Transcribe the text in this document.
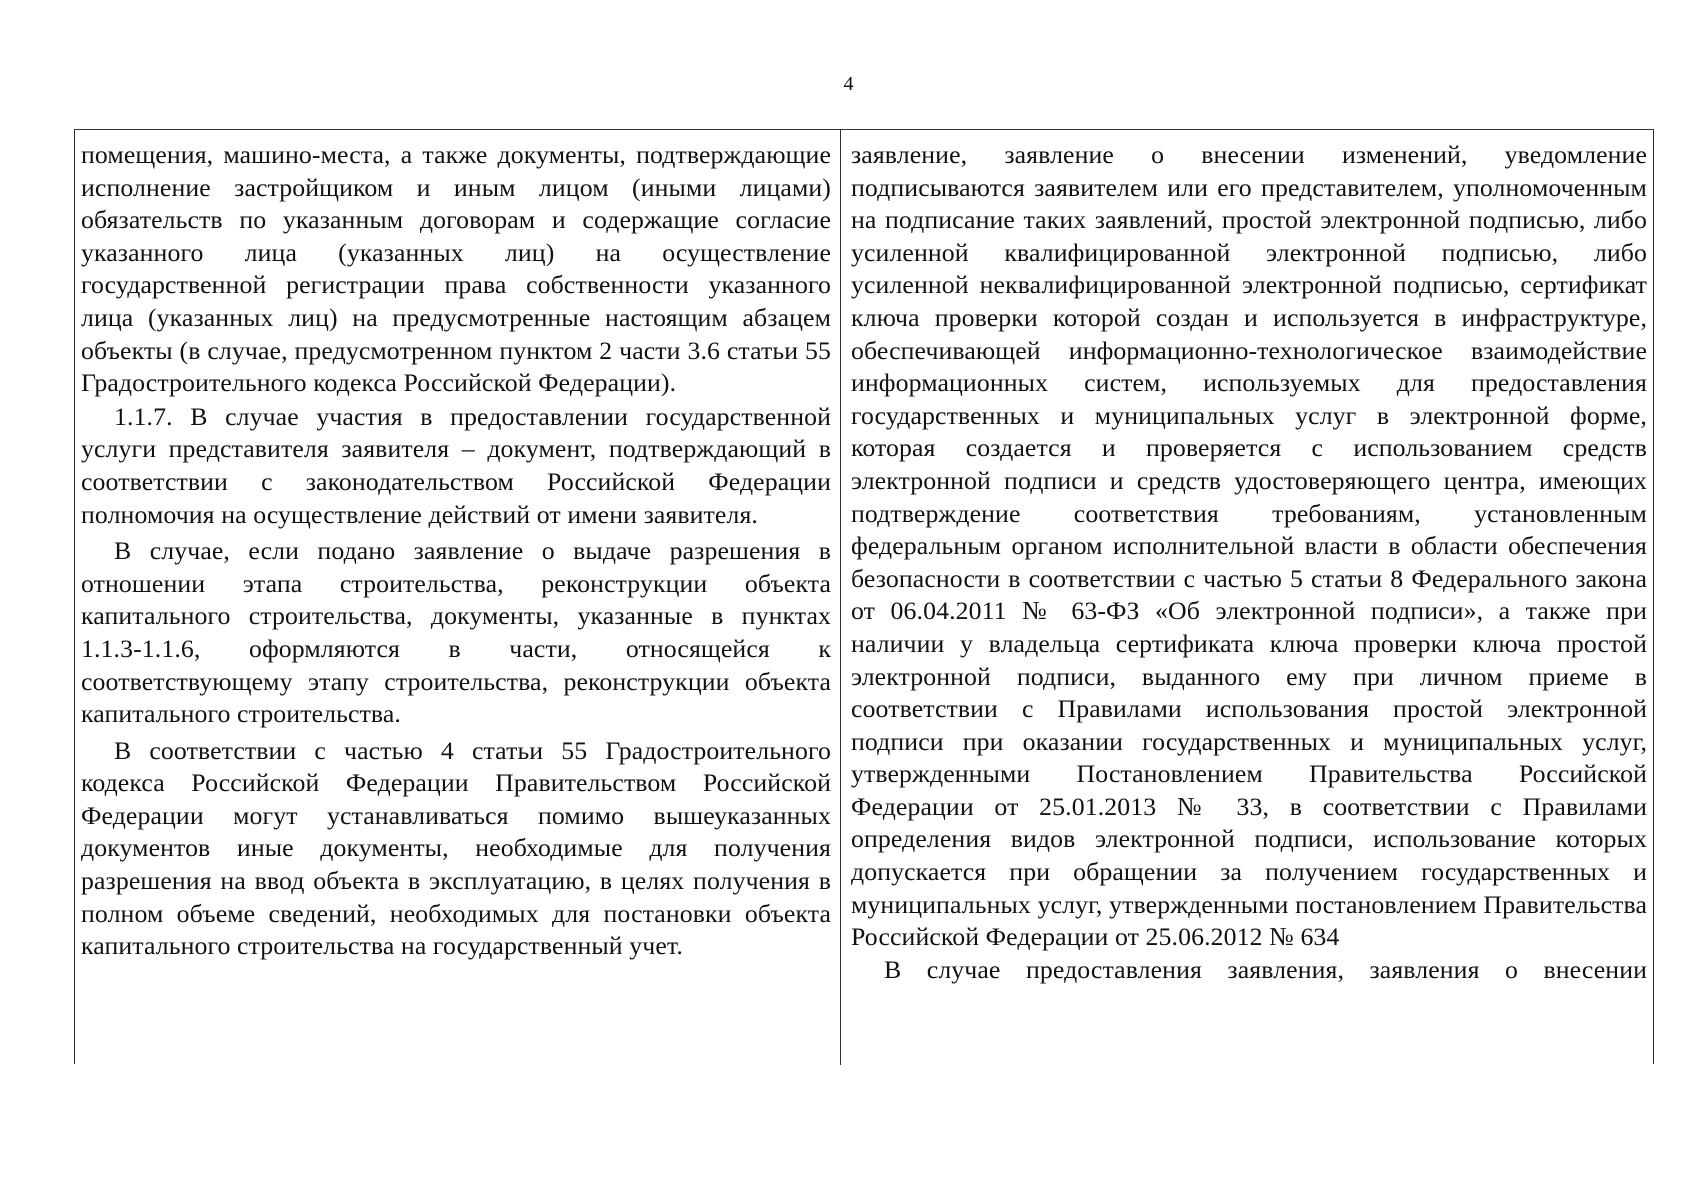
4

помещения, машино-места, а также документы, подтверждающие исполнение застройщиком и иным лицом (иными лицами) обязательств по указанным договорам и содержащие согласие указанного лица (указанных лиц) на осуществление государственной регистрации права собственности указанного лица (указанных лиц) на предусмотренные настоящим абзацем объекты (в случае, предусмотренном пунктом 2 части 3.6 статьи 55 Градостроительного кодекса Российской Федерации).

1.1.7. В случае участия в предоставлении государственной услуги представителя заявителя – документ, подтверждающий в соответствии с законодательством Российской Федерации полномочия на осуществление действий от имени заявителя.

В случае, если подано заявление о выдаче разрешения в отношении этапа строительства, реконструкции объекта капитального строительства, документы, указанные в пунктах 1.1.3-1.1.6, оформляются в части, относящейся к соответствующему этапу строительства, реконструкции объекта капитального строительства.

В соответствии с частью 4 статьи 55 Градостроительного кодекса Российской Федерации Правительством Российской Федерации могут устанавливаться помимо вышеуказанных документов иные документы, необходимые для получения разрешения на ввод объекта в эксплуатацию, в целях получения в полном объеме сведений, необходимых для постановки объекта капитального строительства на государственный учет.

заявление, заявление о внесении изменений, уведомление подписываются заявителем или его представителем, уполномоченным на подписание таких заявлений, простой электронной подписью, либо усиленной квалифицированной электронной подписью, либо усиленной неквалифицированной электронной подписью, сертификат ключа проверки которой создан и используется в инфраструктуре, обеспечивающей информационно-технологическое взаимодействие информационных систем, используемых для предоставления государственных и муниципальных услуг в электронной форме, которая создается и проверяется с использованием средств электронной подписи и средств удостоверяющего центра, имеющих подтверждение соответствия требованиям, установленным федеральным органом исполнительной власти в области обеспечения безопасности в соответствии с частью 5 статьи 8 Федерального закона от 06.04.2011 № 63-ФЗ «Об электронной подписи», а также при наличии у владельца сертификата ключа проверки ключа простой электронной подписи, выданного ему при личном приеме в соответствии с Правилами использования простой электронной подписи при оказании государственных и муниципальных услуг, утвержденными Постановлением Правительства Российской Федерации от 25.01.2013 № 33, в соответствии с Правилами определения видов электронной подписи, использование которых допускается при обращении за получением государственных и муниципальных услуг, утвержденными постановлением Правительства Российской Федерации от 25.06.2012 № 634

В случае предоставления заявления, заявления о внесении
